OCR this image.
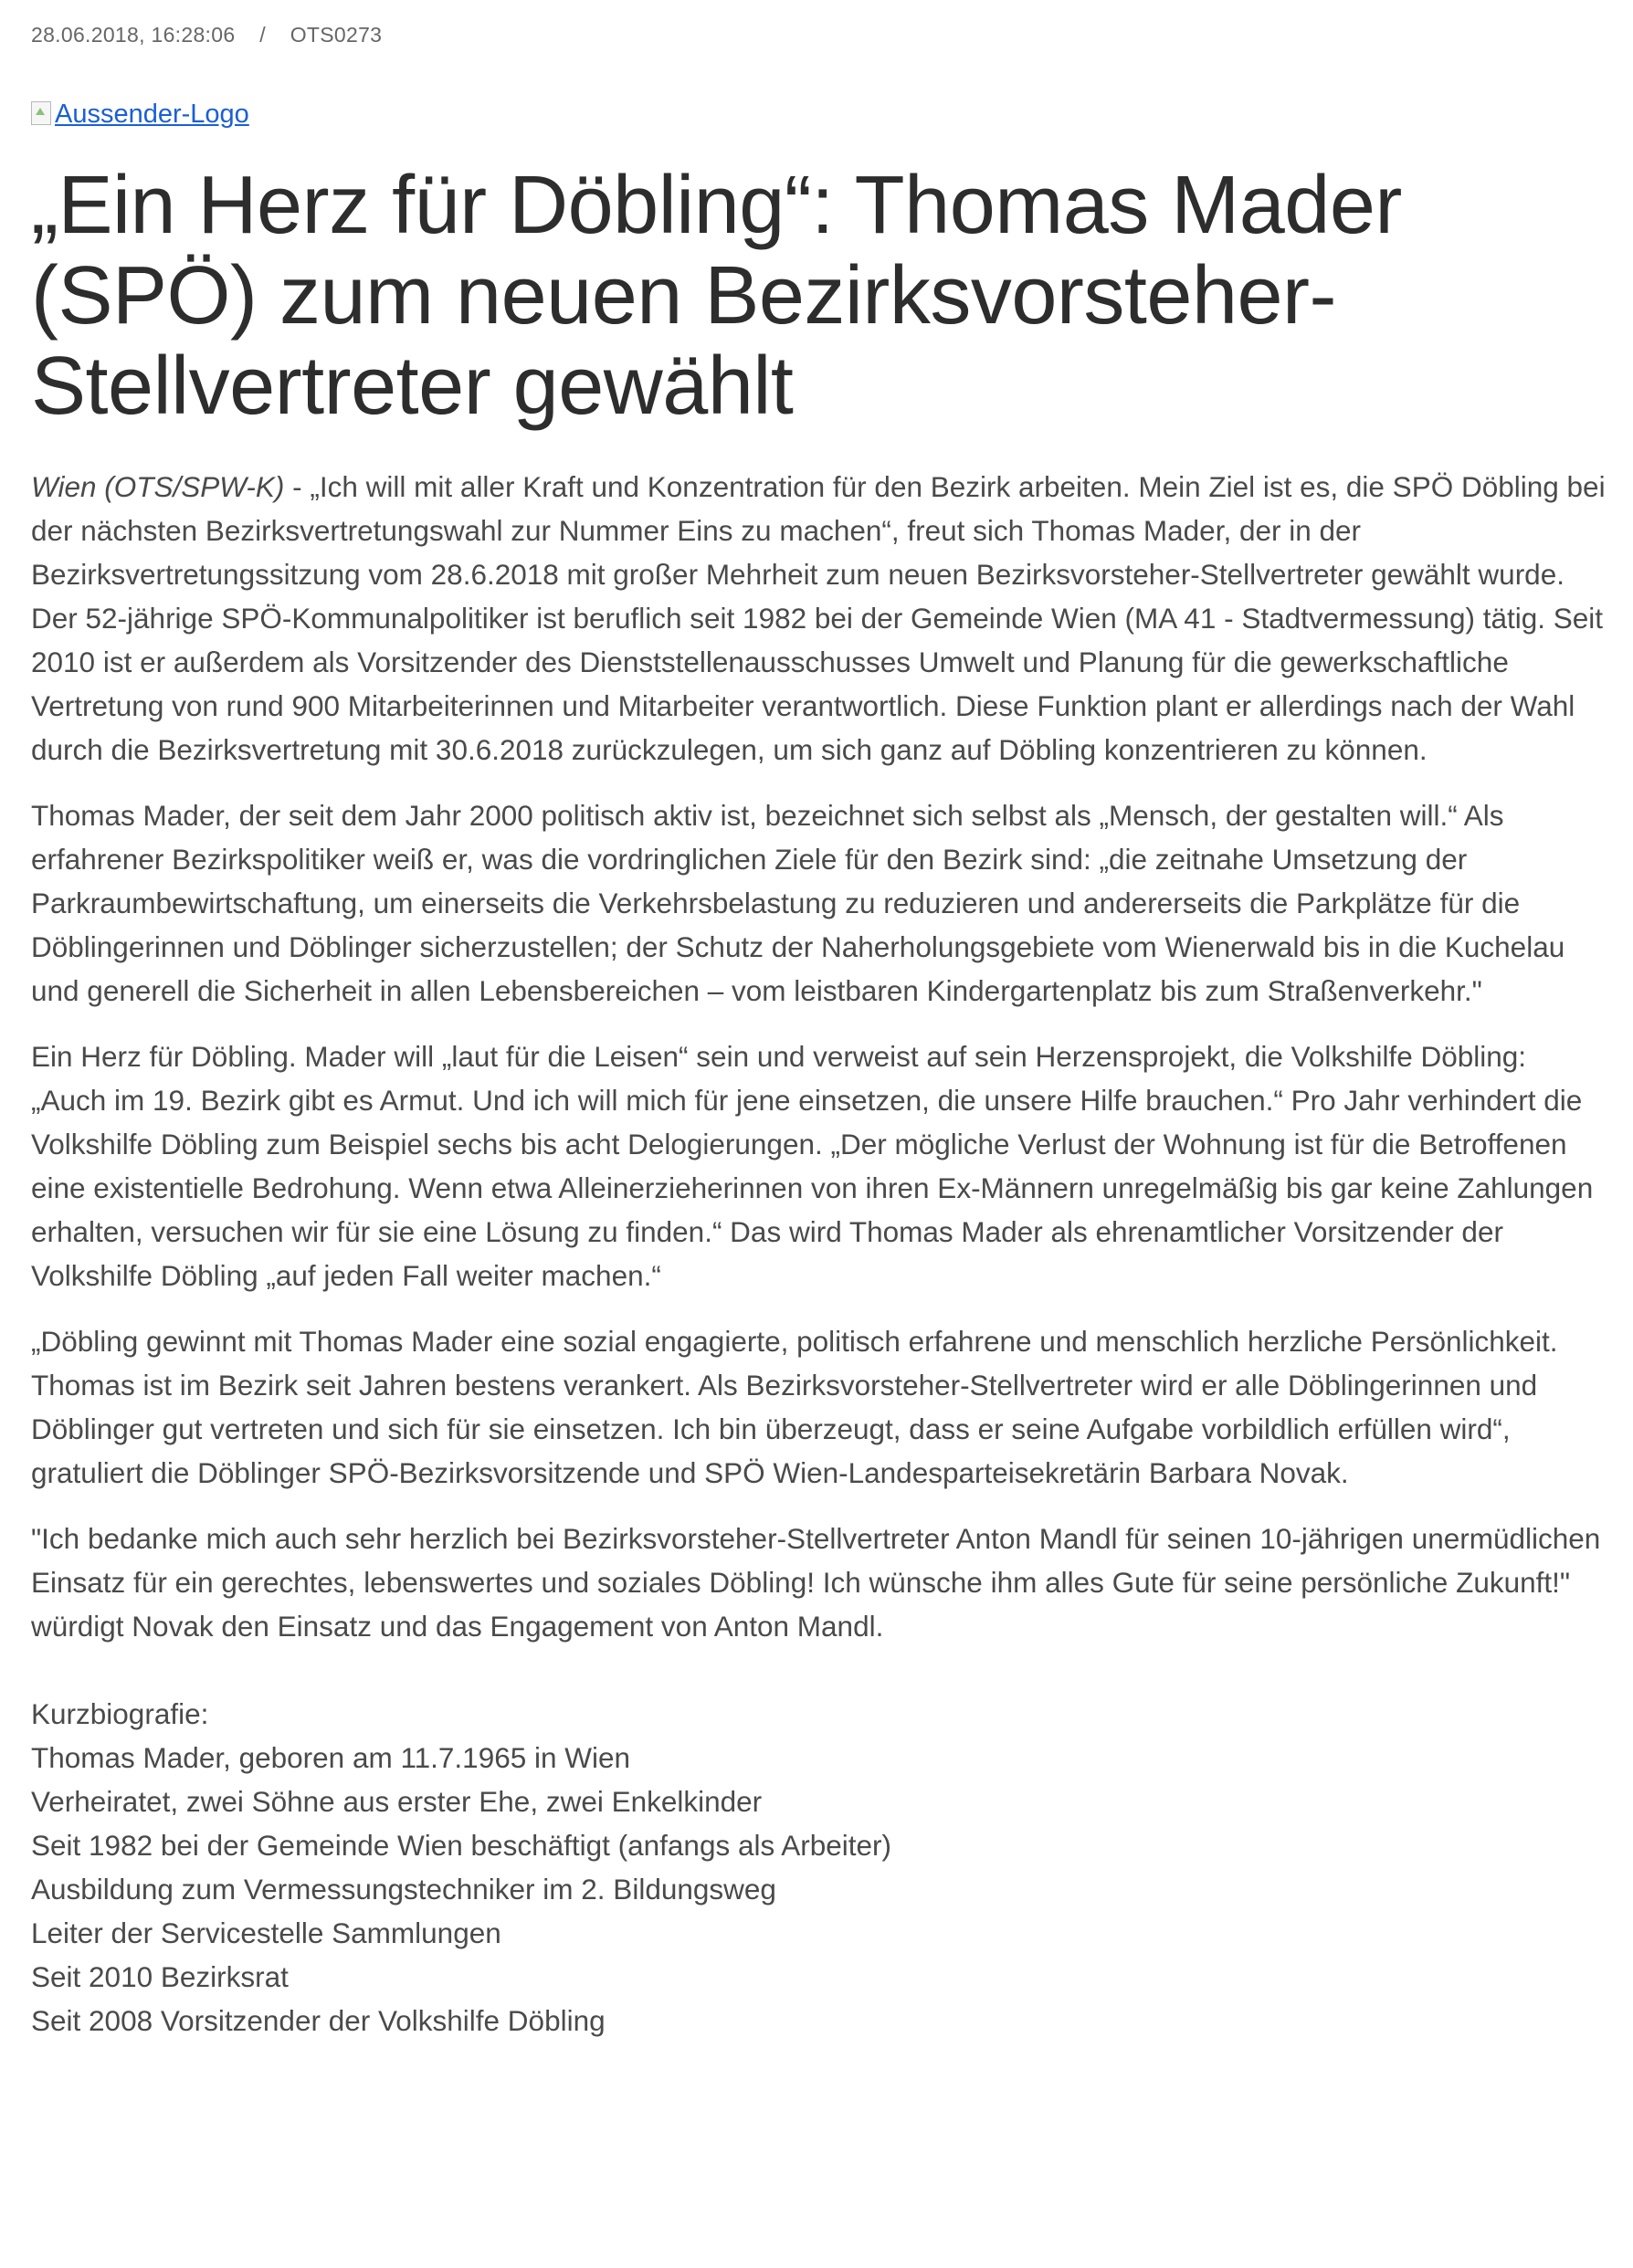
28.06.2018, 16:28:06 / OTS0273
Aussender-Logo
„Ein Herz für Döbling“: Thomas Mader (SPÖ) zum neuen Bezirksvorsteher-Stellvertreter gewählt

Wien (OTS/SPW-K) - „Ich will mit aller Kraft und Konzentration für den Bezirk arbeiten. Mein Ziel ist es, die SPÖ Döbling bei der nächsten Bezirksvertretungswahl zur Nummer Eins zu machen“, freut sich Thomas Mader, der in der Bezirksvertretungssitzung vom 28.6.2018 mit großer Mehrheit zum neuen Bezirksvorsteher-Stellvertreter gewählt wurde. Der 52-jährige SPÖ-Kommunalpolitiker ist beruflich seit 1982 bei der Gemeinde Wien (MA 41 - Stadtvermessung) tätig. Seit 2010 ist er außerdem als Vorsitzender des Dienststellenausschusses Umwelt und Planung für die gewerkschaftliche Vertretung von rund 900 Mitarbeiterinnen und Mitarbeiter verantwortlich. Diese Funktion plant er allerdings nach der Wahl durch die Bezirksvertretung mit 30.6.2018 zurückzulegen, um sich ganz auf Döbling konzentrieren zu können.

Thomas Mader, der seit dem Jahr 2000 politisch aktiv ist, bezeichnet sich selbst als „Mensch, der gestalten will.“ Als erfahrener Bezirkspolitiker weiß er, was die vordringlichen Ziele für den Bezirk sind: „die zeitnahe Umsetzung der Parkraumbewirtschaftung, um einerseits die Verkehrsbelastung zu reduzieren und andererseits die Parkplätze für die Döblingerinnen und Döblinger sicherzustellen; der Schutz der Naherholungsgebiete vom Wienerwald bis in die Kuchelau und generell die Sicherheit in allen Lebensbereichen – vom leistbaren Kindergartenplatz bis zum Straßenverkehr."

Ein Herz für Döbling. Mader will „laut für die Leisen“ sein und verweist auf sein Herzensprojekt, die Volkshilfe Döbling: „Auch im 19. Bezirk gibt es Armut. Und ich will mich für jene einsetzen, die unsere Hilfe brauchen.“ Pro Jahr verhindert die Volkshilfe Döbling zum Beispiel sechs bis acht Delogierungen. „Der mögliche Verlust der Wohnung ist für die Betroffenen eine existentielle Bedrohung. Wenn etwa Alleinerzieherinnen von ihren Ex-Männern unregelmäßig bis gar keine Zahlungen erhalten, versuchen wir für sie eine Lösung zu finden.“ Das wird Thomas Mader als ehrenamtlicher Vorsitzender der Volkshilfe Döbling „auf jeden Fall weiter machen.“

„Döbling gewinnt mit Thomas Mader eine sozial engagierte, politisch erfahrene und menschlich herzliche Persönlichkeit. Thomas ist im Bezirk seit Jahren bestens verankert. Als Bezirksvorsteher-Stellvertreter wird er alle Döblingerinnen und Döblinger gut vertreten und sich für sie einsetzen. Ich bin überzeugt, dass er seine Aufgabe vorbildlich erfüllen wird“, gratuliert die Döblinger SPÖ-Bezirksvorsitzende und SPÖ Wien-Landesparteisekretärin Barbara Novak.

"Ich bedanke mich auch sehr herzlich bei Bezirksvorsteher-Stellvertreter Anton Mandl für seinen 10-jährigen unermüdlichen Einsatz für ein gerechtes, lebenswertes und soziales Döbling! Ich wünsche ihm alles Gute für seine persönliche Zukunft!" würdigt Novak den Einsatz und das Engagement von Anton Mandl.

Kurzbiografie:
Thomas Mader, geboren am 11.7.1965 in Wien
Verheiratet, zwei Söhne aus erster Ehe, zwei Enkelkinder
Seit 1982 bei der Gemeinde Wien beschäftigt (anfangs als Arbeiter)
Ausbildung zum Vermessungstechniker im 2. Bildungsweg
Leiter der Servicestelle Sammlungen
Seit 2010 Bezirksrat
Seit 2008 Vorsitzender der Volkshilfe Döbling
